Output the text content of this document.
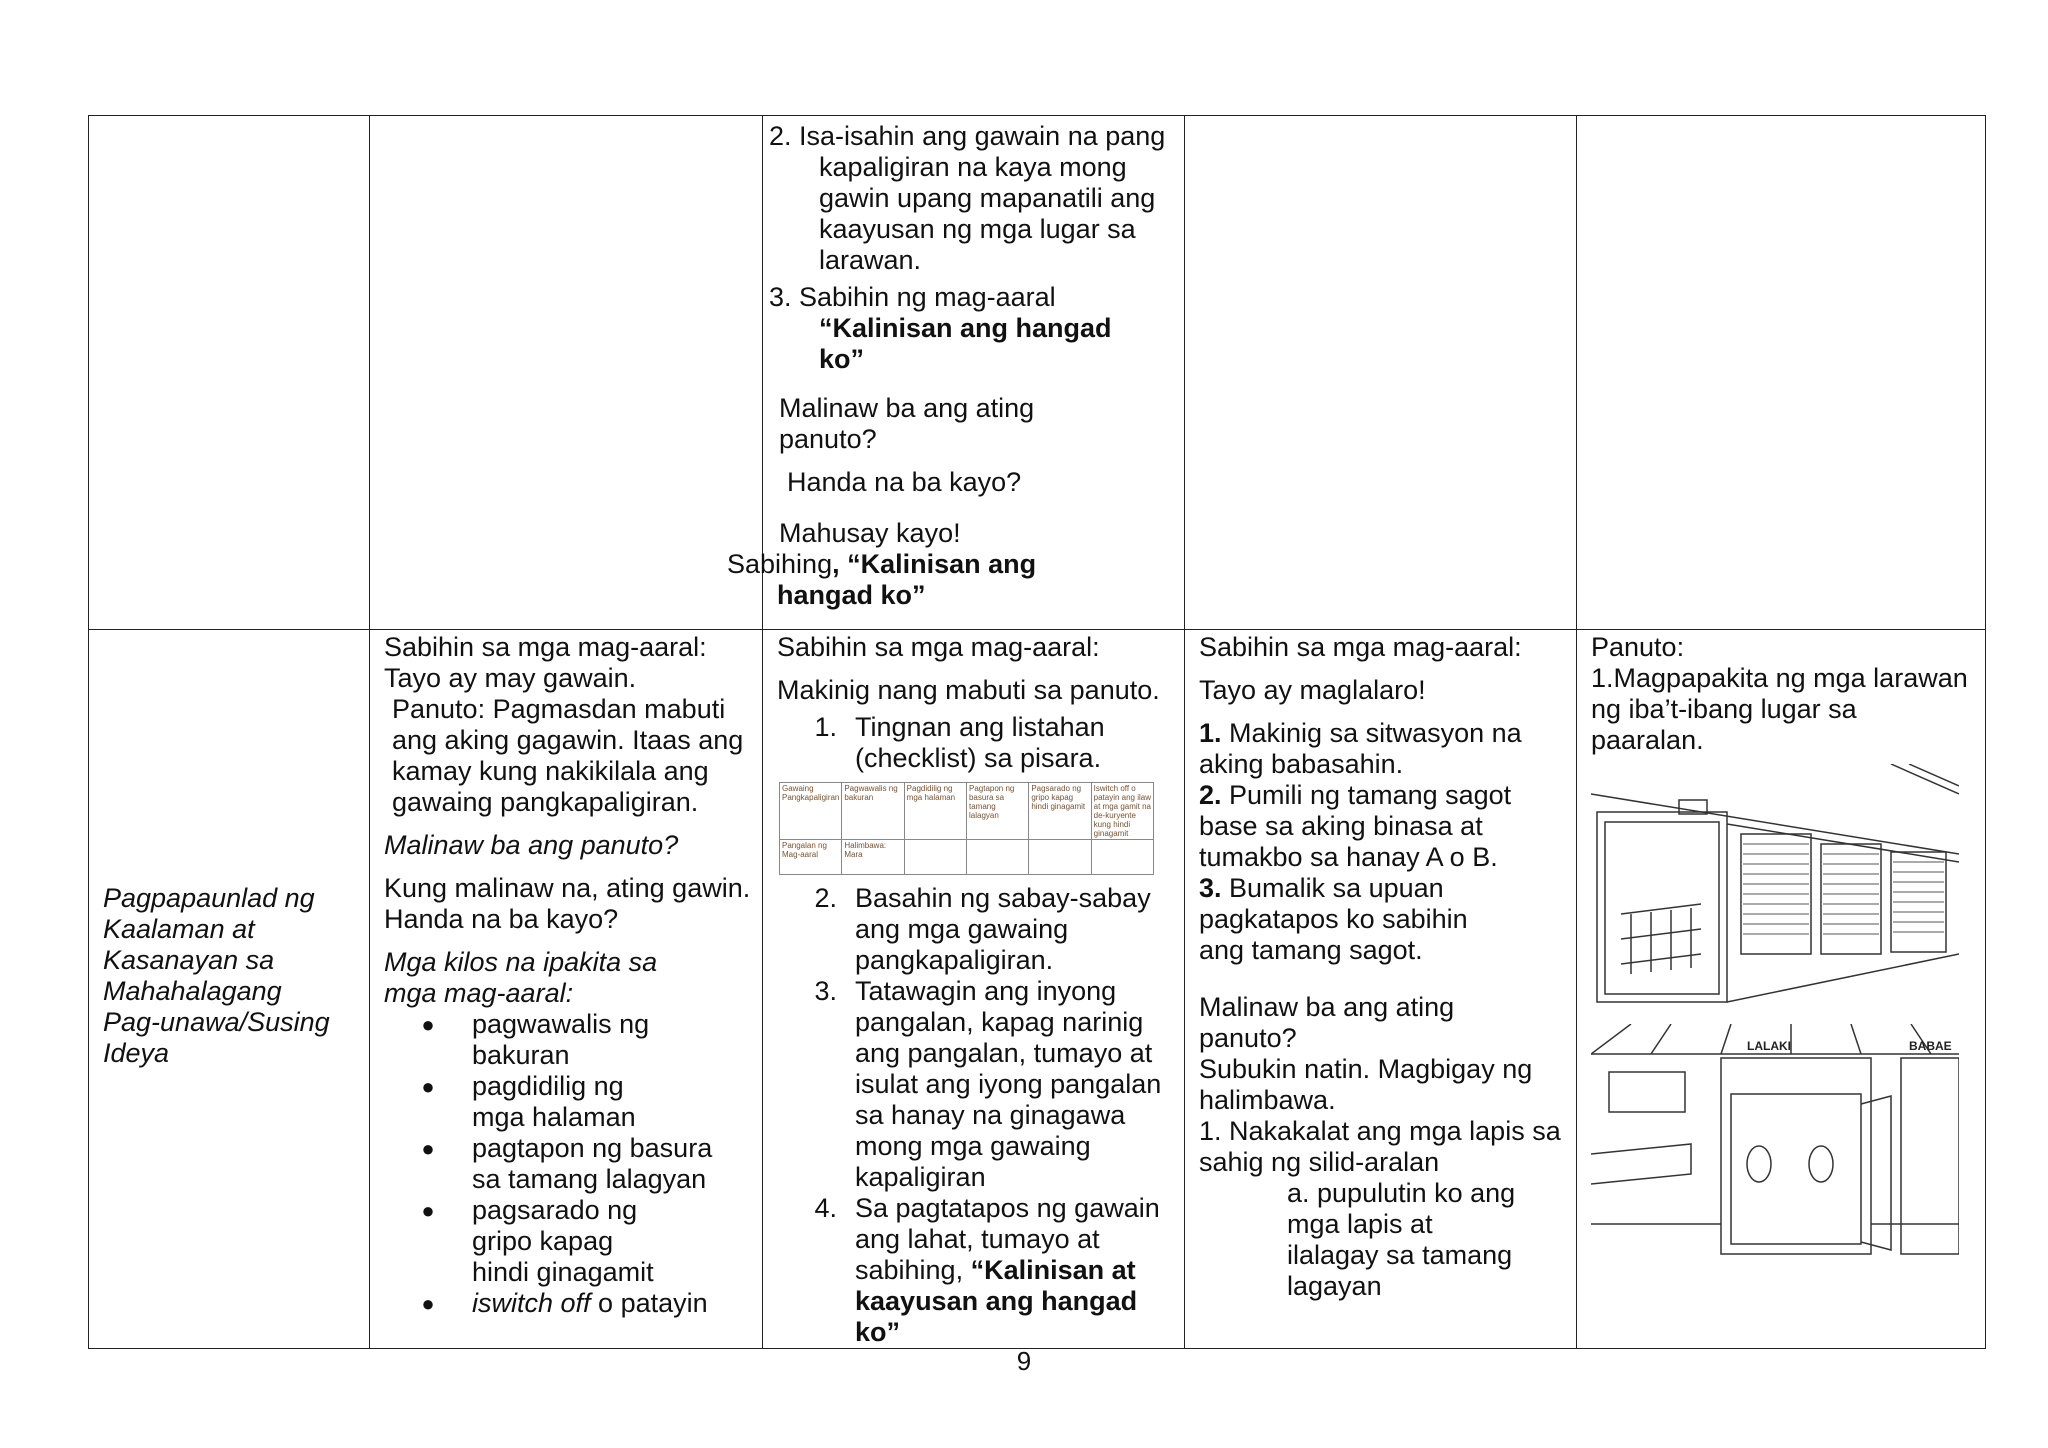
2. Isa-isahin ang gawain na pang kapaligiran na kaya mong gawin upang mapanatili ang kaayusan ng mga lugar sa larawan.

3. Sabihin ng mag-aaral

“Kalinisan ang hangad ko”

Malinaw ba ang ating panuto?

Handa na ba kayo?

Mahusay kayo!

Sabihing, “Kalinisan ang hangad ko”

Pagpapaunlad ng Kaalaman at Kasanayan sa Mahahalagang Pag-unawa/Susing Ideya

Sabihin sa mga mag-aaral:

Tayo ay may gawain.

Panuto: Pagmasdan mabuti ang aking gagawin. Itaas ang kamay kung nakikilala ang gawaing pangkapaligiran.

Malinaw ba ang panuto?

Kung malinaw na, ating gawin. Handa na ba kayo?

Mga kilos na ipakita sa mga mag-aaral:

●	pagwawalis ng bakuran
●	pagdidilig ng mga halaman
●	pagtapon ng basura sa tamang lalagyan
●	pagsarado ng gripo kapag hindi ginagamit
●	iswitch off o patayin

Sabihin sa mga mag-aaral:

Makinig nang mabuti sa panuto.

1. Tingnan ang listahan (checklist) sa pisara.
Gawaing Pangkapaligiran	Pagwawalis ng bakuran	Pagdidilig ng mga halaman	Pagtapon ng basura sa tamang lalagyan	Pagsarado ng gripo kapag hindi ginagamit	Iswitch off o patayin ang ilaw at mga gamit na de-kuryente kung hindi ginagamit
Pangalan ng Mag-aaral	Halimbawa: Mara				
2. Basahin ng sabay-sabay ang mga gawaing pangkapaligiran.
3. Tatawagin ang inyong pangalan, kapag narinig ang pangalan, tumayo at isulat ang iyong pangalan sa hanay na ginagawa mong mga gawaing kapaligiran
4. Sa pagtatapos ng gawain ang lahat, tumayo at sabihing, “Kalinisan at kaayusan ang hangad ko”

Sabihin sa mga mag-aaral:

Tayo ay maglalaro!

1. Makinig sa sitwasyon na aking babasahin.

2. Pumili ng tamang sagot base sa aking binasa at tumakbo sa hanay A o B.

3. Bumalik sa upuan pagkatapos ko sabihin ang tamang sagot.

Malinaw ba ang ating panuto?

Subukin natin. Magbigay ng halimbawa.

1. Nakakalat ang mga lapis sa sahig ng silid-aralan

a. pupulutin ko ang mga lapis at ilalagay sa tamang lagayan

Panuto:

1.Magpapakita ng mga larawan ng iba’t-ibang lugar sa paaralan.

LALAKI	BABAE
9
